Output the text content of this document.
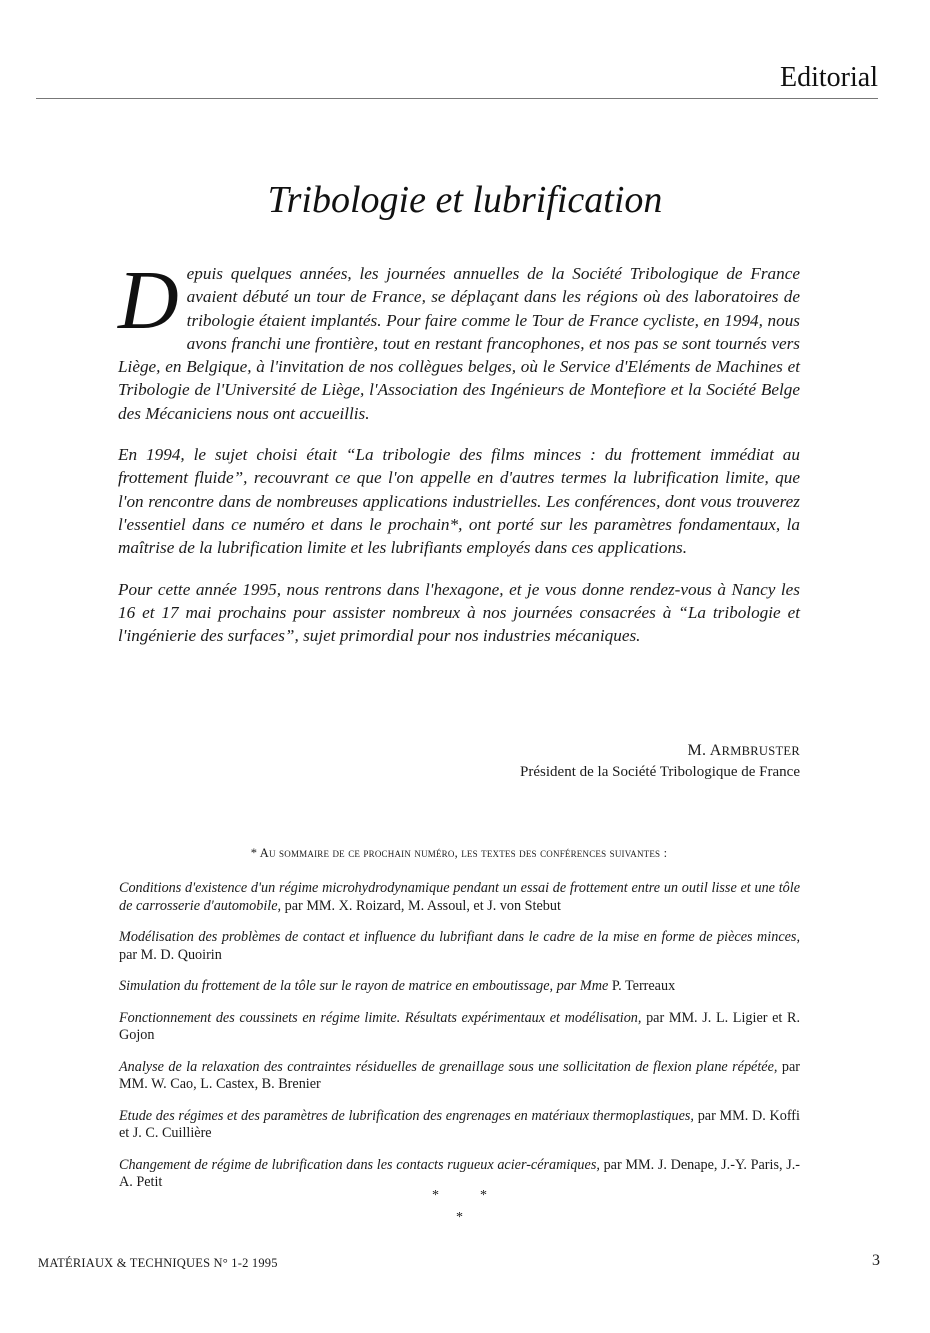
Editorial
Tribologie et lubrification

Depuis quelques années, les journées annuelles de la Société Tribologique de France avaient débuté un tour de France, se déplaçant dans les régions où des laboratoires de tribologie étaient implantés. Pour faire comme le Tour de France cycliste, en 1994, nous avons franchi une frontière, tout en restant francophones, et nos pas se sont tournés vers Liège, en Belgique, à l'invitation de nos collègues belges, où le Service d'Eléments de Machines et Tribologie de l'Université de Liège, l'Association des Ingénieurs de Montefiore et la Société Belge des Mécaniciens nous ont accueillis.

En 1994, le sujet choisi était “La tribologie des films minces : du frottement immédiat au frottement fluide”, recouvrant ce que l'on appelle en d'autres termes la lubrification limite, que l'on rencontre dans de nombreuses applications industrielles. Les conférences, dont vous trouverez l'essentiel dans ce numéro et dans le prochain*, ont porté sur les paramètres fondamentaux, la maîtrise de la lubrification limite et les lubrifiants employés dans ces applications.

Pour cette année 1995, nous rentrons dans l'hexagone, et je vous donne rendez-vous à Nancy les 16 et 17 mai prochains pour assister nombreux à nos journées consacrées à “La tribologie et l'ingénierie des surfaces”, sujet primordial pour nos industries mécaniques.

M. ARMBRUSTER
Président de la Société Tribologique de France
* Au sommaire de ce prochain numéro, les textes des conférences suivantes :
Conditions d'existence d'un régime microhydrodynamique pendant un essai de frottement entre un outil lisse et une tôle de carrosserie d'automobile, par MM. X. Roizard, M. Assoul, et J. von Stebut
Modélisation des problèmes de contact et influence du lubrifiant dans le cadre de la mise en forme de pièces minces, par M. D. Quoirin
Simulation du frottement de la tôle sur le rayon de matrice en emboutissage, par Mme P. Terreaux
Fonctionnement des coussinets en régime limite. Résultats expérimentaux et modélisation, par MM. J. L. Ligier et R. Gojon
Analyse de la relaxation des contraintes résiduelles de grenaillage sous une sollicitation de flexion plane répétée, par MM. W. Cao, L. Castex, B. Brenier
Etude des régimes et des paramètres de lubrification des engrenages en matériaux thermoplastiques, par MM. D. Koffi et J. C. Cuillière
Changement de régime de lubrification dans les contacts rugueux acier-céramiques, par MM. J. Denape, J.-Y. Paris, J.-A. Petit
*	*
*
MATÉRIAUX & TECHNIQUES N° 1-2 1995	3
